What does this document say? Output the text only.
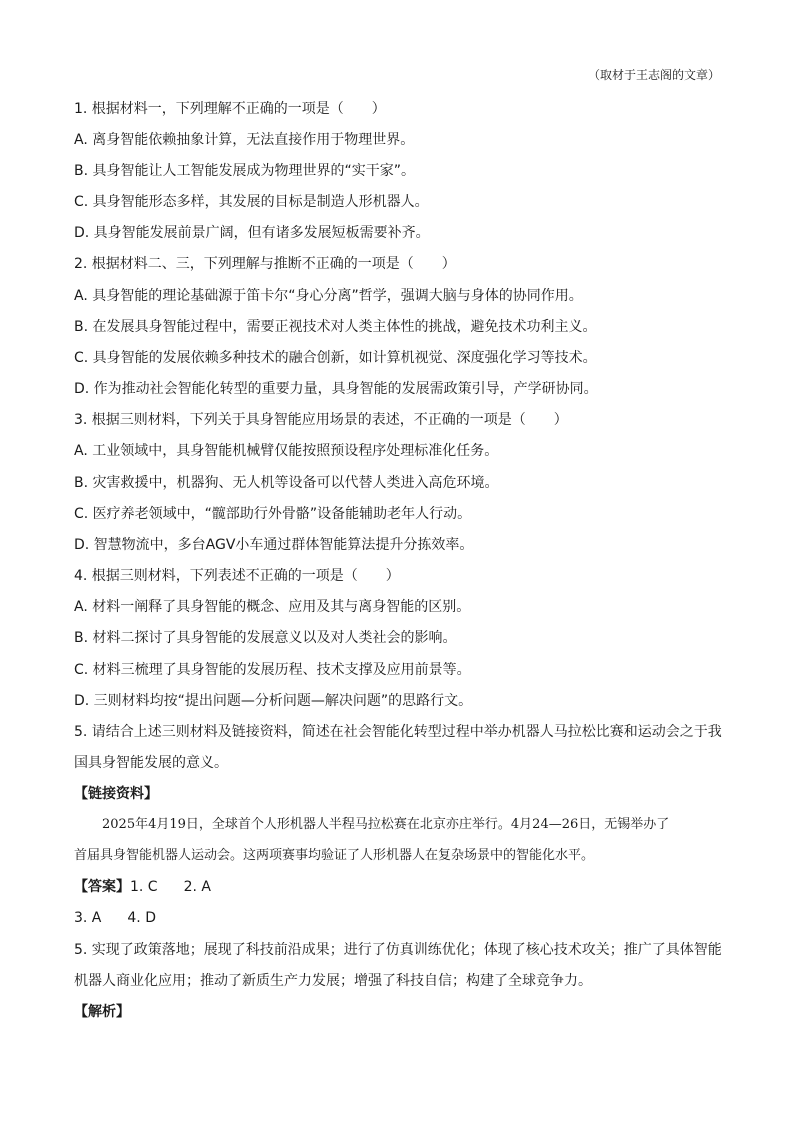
（取材于王志阁的文章）
1. 根据材料一，下列理解不正确的一项是（　　）
A. 离身智能依赖抽象计算，无法直接作用于物理世界。
B. 具身智能让人工智能发展成为物理世界的“实干家”。
C. 具身智能形态多样，其发展的目标是制造人形机器人。
D. 具身智能发展前景广阔，但有诸多发展短板需要补齐。
2. 根据材料二、三，下列理解与推断不正确的一项是（　　）
A. 具身智能的理论基础源于笛卡尔“身心分离”哲学，强调大脑与身体的协同作用。
B. 在发展具身智能过程中，需要正视技术对人类主体性的挑战，避免技术功利主义。
C. 具身智能的发展依赖多种技术的融合创新，如计算机视觉、深度强化学习等技术。
D. 作为推动社会智能化转型的重要力量，具身智能的发展需政策引导，产学研协同。
3. 根据三则材料，下列关于具身智能应用场景的表述，不正确的一项是（　　）
A. 工业领域中，具身智能机械臂仅能按照预设程序处理标准化任务。
B. 灾害救援中，机器狗、无人机等设备可以代替人类进入高危环境。
C. 医疗养老领域中，“髋部助行外骨骼”设备能辅助老年人行动。
D. 智慧物流中，多台AGV小车通过群体智能算法提升分拣效率。
4. 根据三则材料，下列表述不正确的一项是（　　）
A. 材料一阐释了具身智能的概念、应用及其与离身智能的区别。
B. 材料二探讨了具身智能的发展意义以及对人类社会的影响。
C. 材料三梳理了具身智能的发展历程、技术支撑及应用前景等。
D. 三则材料均按“提出问题—分析问题—解决问题”的思路行文。
5. 请结合上述三则材料及链接资料，简述在社会智能化转型过程中举办机器人马拉松比赛和运动会之于我
国具身智能发展的意义。
【链接资料】
2025年4月19日，全球首个人形机器人半程马拉松赛在北京亦庄举行。4月24—26日，无锡举办了
首届具身智能机器人运动会。这两项赛事均验证了人形机器人在复杂场景中的智能化水平。
【答案】1. C 2. A
3. A 4. D
5. 实现了政策落地；展现了科技前沿成果；进行了仿真训练优化；体现了核心技术攻关；推广了具体智能
机器人商业化应用；推动了新质生产力发展；增强了科技自信；构建了全球竞争力。
【解析】
